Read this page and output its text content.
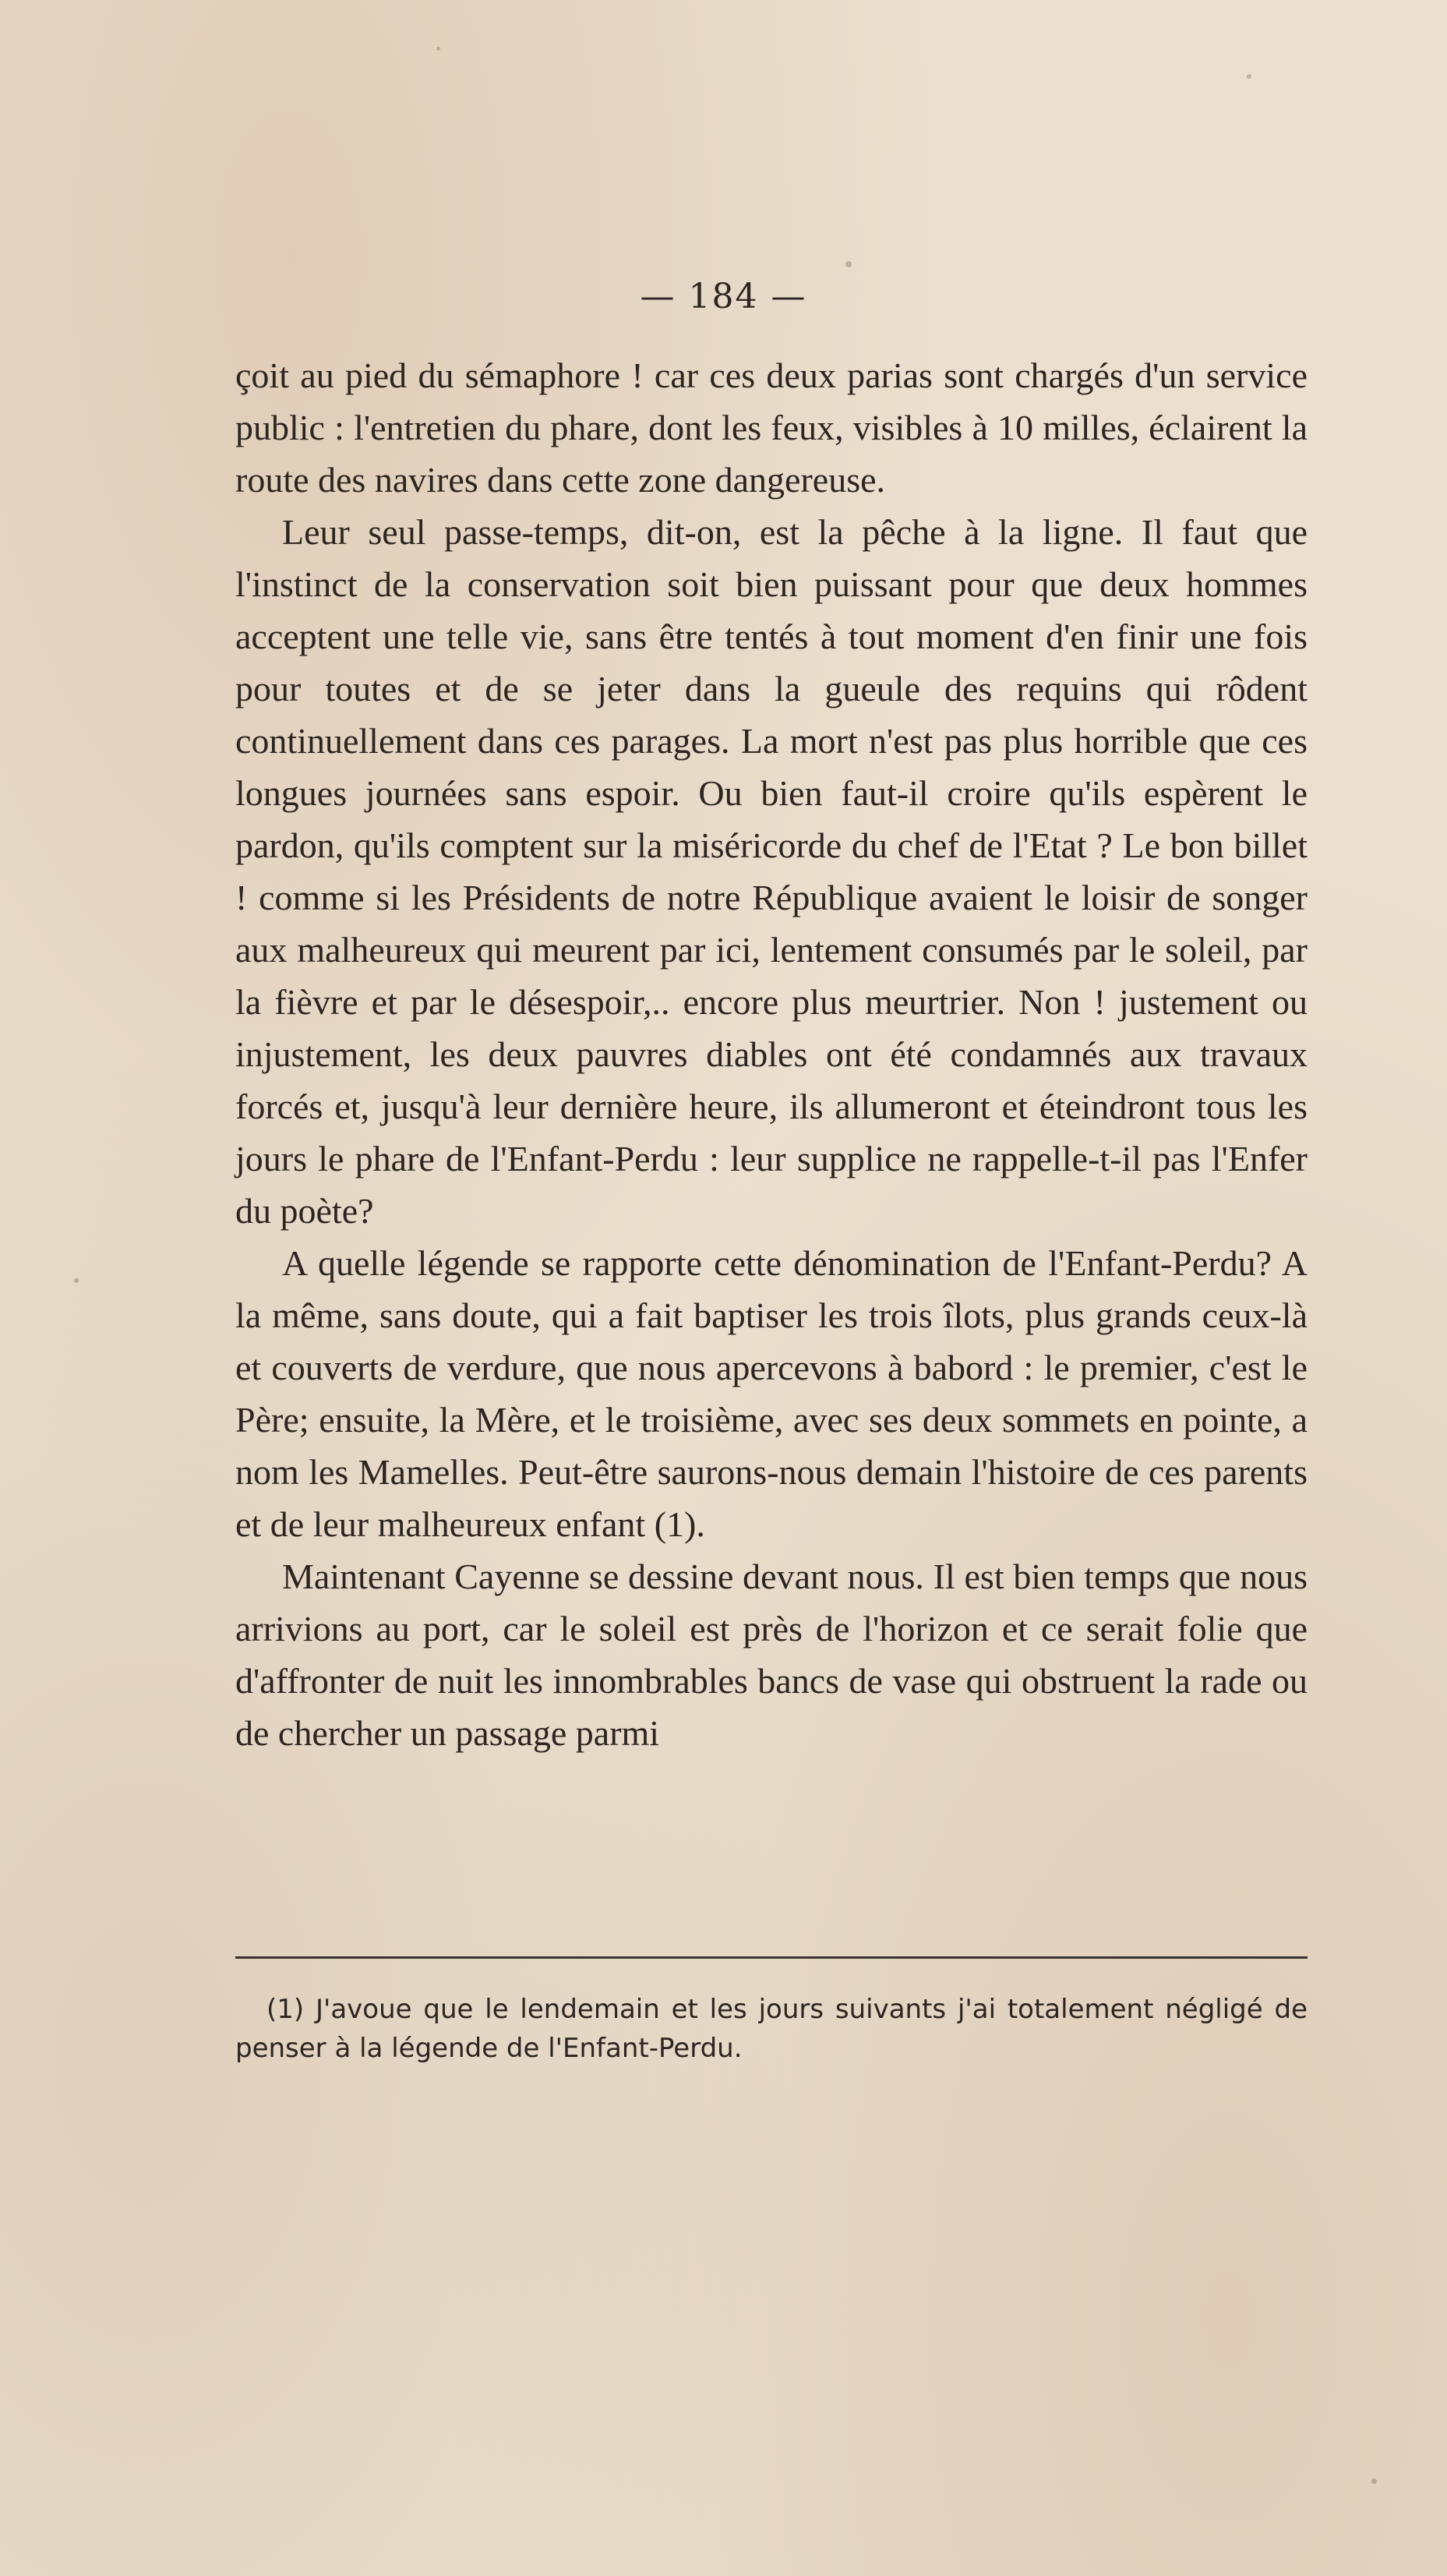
— 184 —

çoit au pied du sémaphore ! car ces deux parias sont chargés d'un service public : l'entretien du phare, dont les feux, visibles à 10 milles, éclairent la route des navires dans cette zone dangereuse.

Leur seul passe-temps, dit-on, est la pêche à la ligne. Il faut que l'instinct de la conservation soit bien puissant pour que deux hommes acceptent une telle vie, sans être tentés à tout moment d'en finir une fois pour toutes et de se jeter dans la gueule des requins qui rôdent continuellement dans ces parages. La mort n'est pas plus horrible que ces longues journées sans espoir. Ou bien faut-il croire qu'ils espèrent le pardon, qu'ils comptent sur la miséricorde du chef de l'Etat ? Le bon billet ! comme si les Présidents de notre République avaient le loisir de songer aux malheureux qui meurent par ici, lentement consumés par le soleil, par la fièvre et par le désespoir,.. encore plus meurtrier. Non ! justement ou injustement, les deux pauvres diables ont été condamnés aux travaux forcés et, jusqu'à leur dernière heure, ils allumeront et éteindront tous les jours le phare de l'Enfant-Perdu : leur supplice ne rappelle-t-il pas l'Enfer du poète?

A quelle légende se rapporte cette dénomination de l'Enfant-Perdu? A la même, sans doute, qui a fait baptiser les trois îlots, plus grands ceux-là et couverts de verdure, que nous apercevons à babord : le premier, c'est le Père; ensuite, la Mère, et le troisième, avec ses deux sommets en pointe, a nom les Mamelles. Peut-être saurons-nous demain l'histoire de ces parents et de leur malheureux enfant (1).

Maintenant Cayenne se dessine devant nous. Il est bien temps que nous arrivions au port, car le soleil est près de l'horizon et ce serait folie que d'affronter de nuit les innombrables bancs de vase qui obstruent la rade ou de chercher un passage parmi

(1) J'avoue que le lendemain et les jours suivants j'ai totalement négligé de penser à la légende de l'Enfant-Perdu.
